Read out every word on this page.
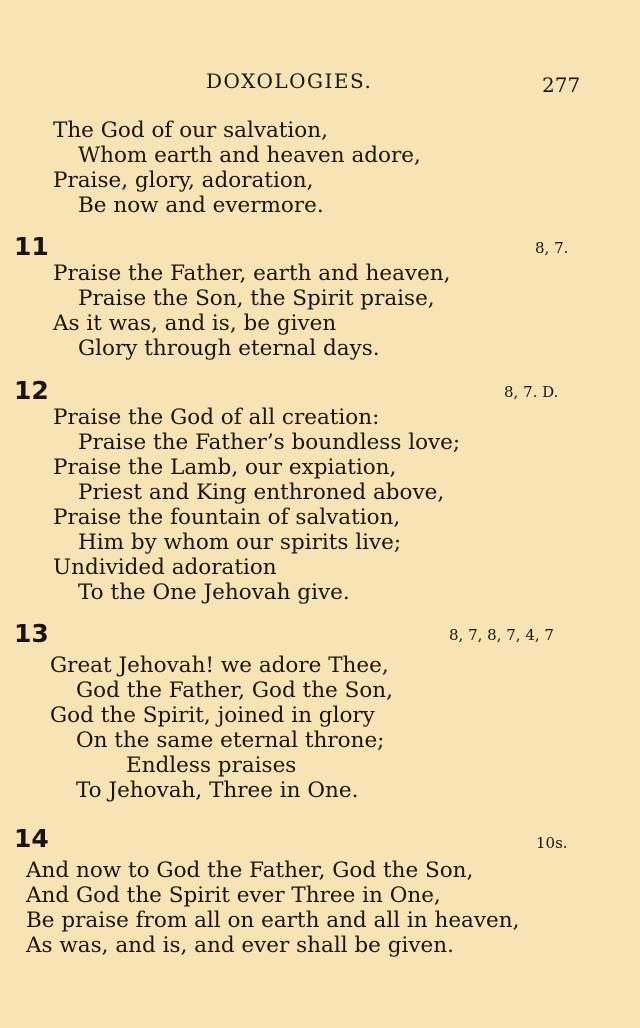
DOXOLOGIES.	277
The God of our salvation,
Whom earth and heaven adore,
Praise, glory, adoration,
Be now and evermore.
11	8, 7.
Praise the Father, earth and heaven,
Praise the Son, the Spirit praise,
As it was, and is, be given
Glory through eternal days.
12	8, 7. D.
Praise the God of all creation:
Praise the Father’s boundless love;
Praise the Lamb, our expiation,
Priest and King enthroned above,
Praise the fountain of salvation,
Him by whom our spirits live;
Undivided adoration
To the One Jehovah give.
13	8, 7, 8, 7, 4, 7
Great Jehovah! we adore Thee,
God the Father, God the Son,
God the Spirit, joined in glory
On the same eternal throne;
Endless praises
To Jehovah, Three in One.
14	10s.
And now to God the Father, God the Son,
And God the Spirit ever Three in One,
Be praise from all on earth and all in heaven,
As was, and is, and ever shall be given.
